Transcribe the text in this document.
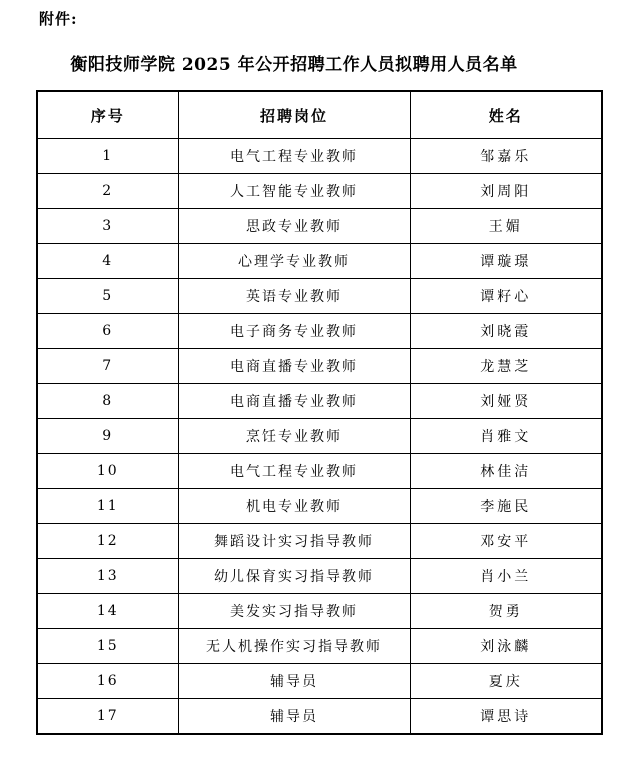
附件:
衡阳技师学院 2025 年公开招聘工作人员拟聘用人员名单
序号	招聘岗位	姓名
1	电气工程专业教师	邹嘉乐
2	人工智能专业教师	刘周阳
3	思政专业教师	王媚
4	心理学专业教师	谭璇璟
5	英语专业教师	谭籽心
6	电子商务专业教师	刘晓霞
7	电商直播专业教师	龙慧芝
8	电商直播专业教师	刘娅贤
9	烹饪专业教师	肖雅文
10	电气工程专业教师	林佳洁
11	机电专业教师	李施民
12	舞蹈设计实习指导教师	邓安平
13	幼儿保育实习指导教师	肖小兰
14	美发实习指导教师	贺勇
15	无人机操作实习指导教师	刘泳麟
16	辅导员	夏庆
17	辅导员	谭思诗
